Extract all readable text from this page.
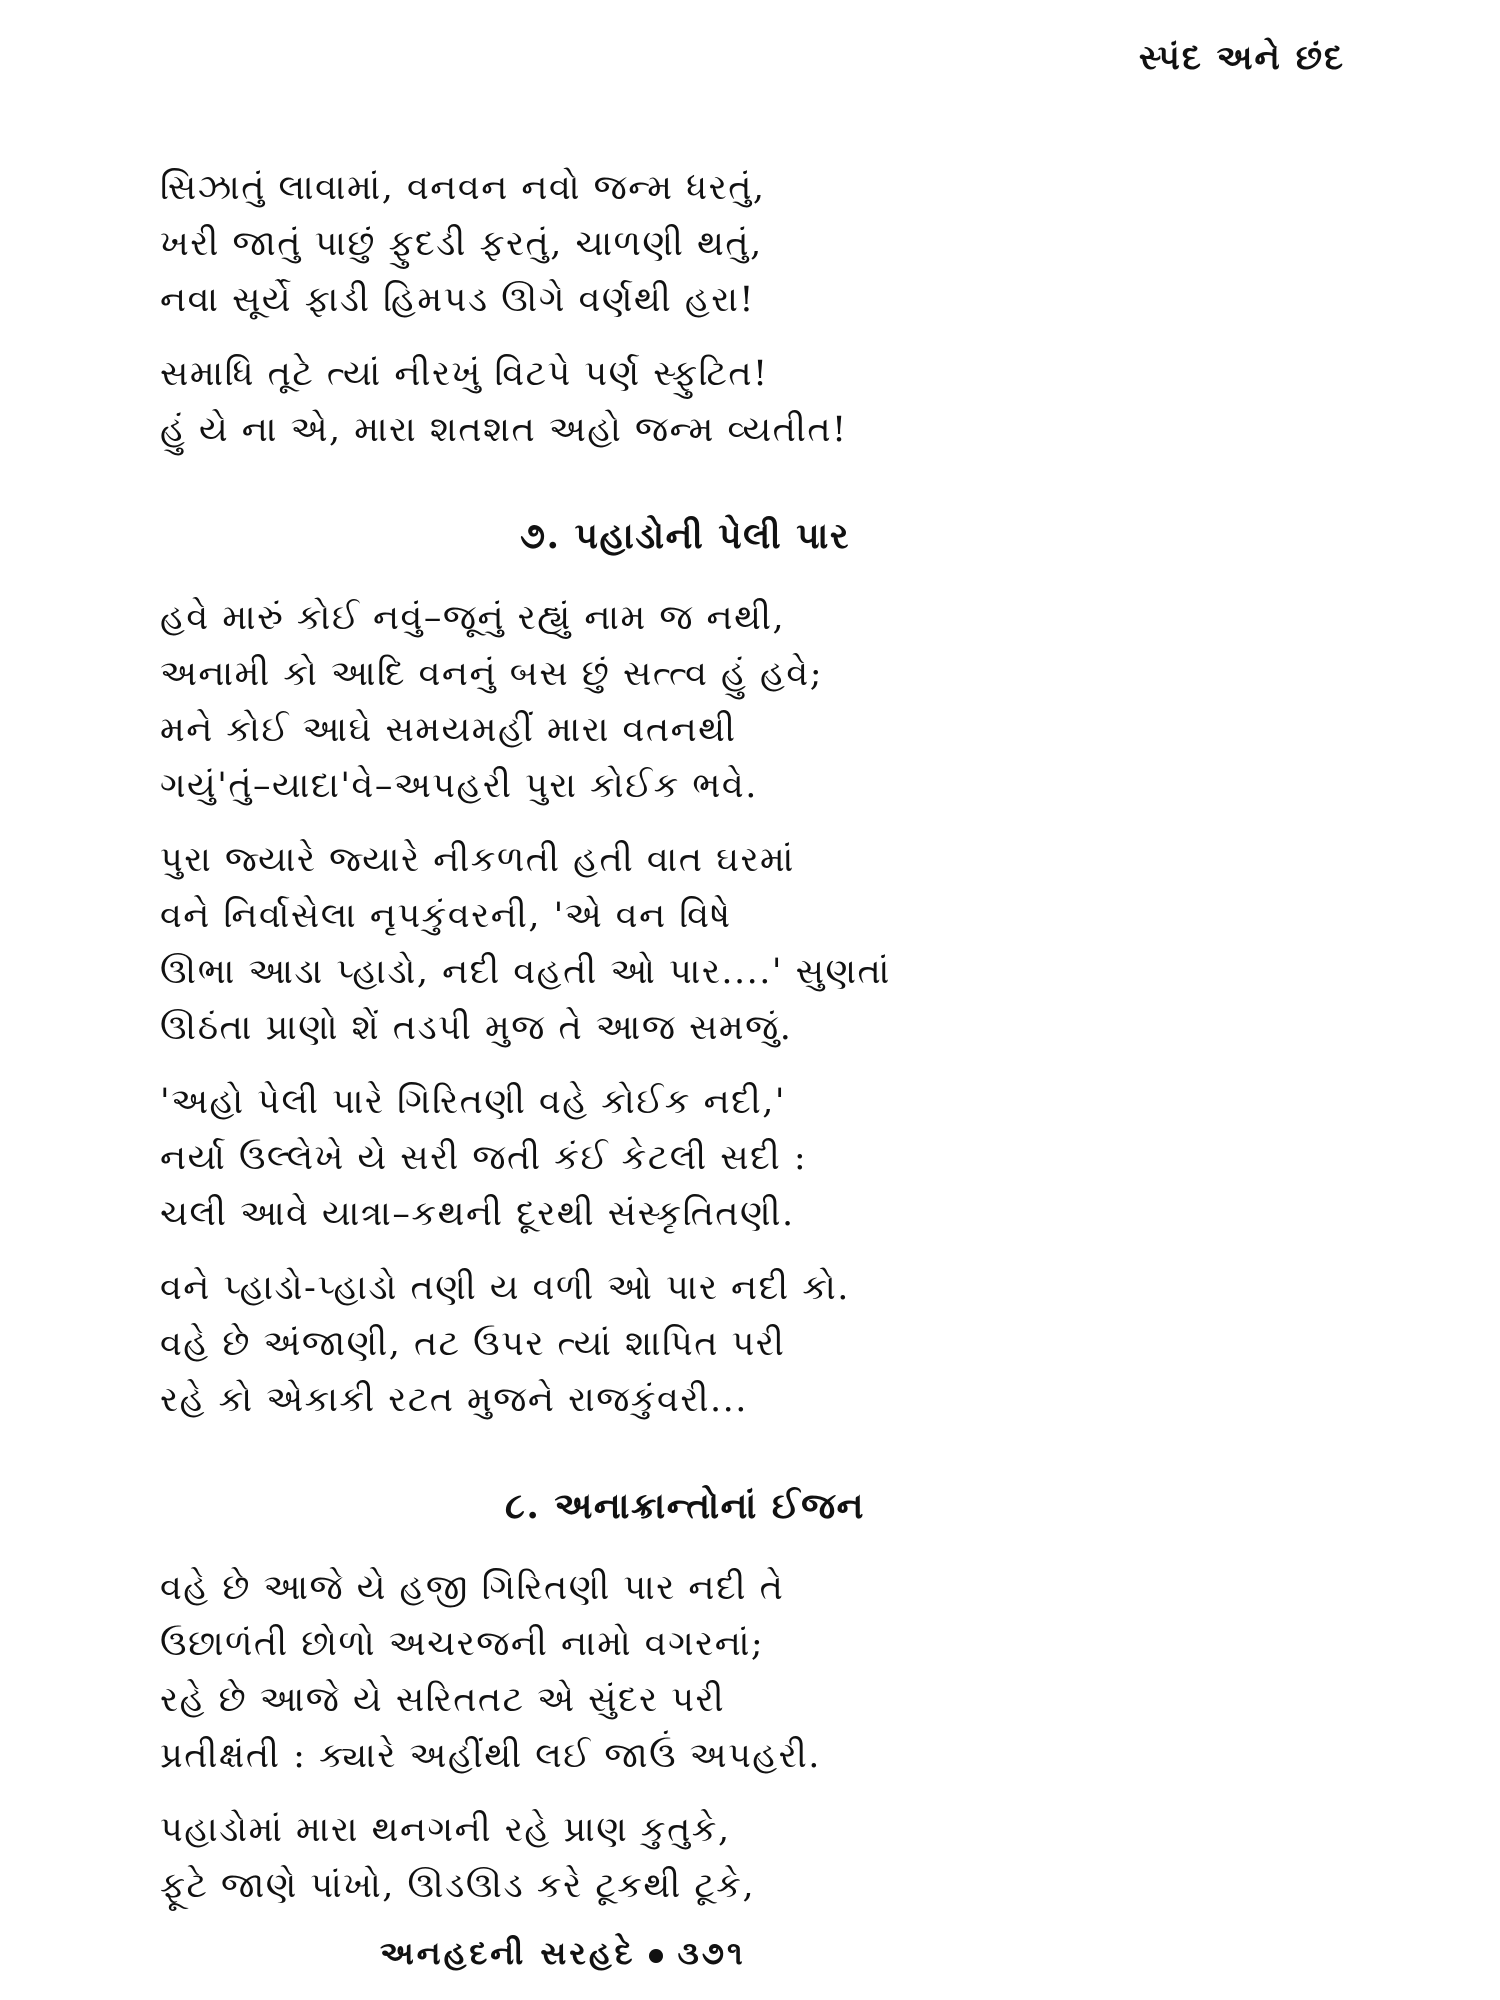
સ્પંદ અને છંદ
સિઝાતું લાવામાં, વનવન નવો જન્મ ધરતું,
ખરી જાતું પાછું ફુદડી ફરતું, ચાળણી થતું,
નવા સૂર્યે ફાડી હિમપડ ઊગે વર્ણથી હરા!
સમાધિ તૂટે ત્યાં નીરખું વિટપે પર્ણ સ્ફુટિત!
હું યે ના એ, મારા શતશત અહો જન્મ વ્યતીત!
૭. પહાડોની પેલી પાર
હવે મારું કોઈ નવું–જૂનું રહ્યું નામ જ નથી,
અનામી કો આદિ વનનું બસ છું સત્ત્વ હું હવે;
મને કોઈ આઘે સમયમહીં મારા વતનથી
ગયું'તું–યાદા'વે–અપહરી પુરા કોઈક ભવે.
પુરા જ્યારે જ્યારે નીકળતી હતી વાત ઘરમાં
વને નિર્વાસેલા નૃપકુંવરની, 'એ વન વિષે
ઊભા આડા પ્હાડો, નદી વહતી ઓ પાર....' સુણતાં
ઊઠંતા પ્રાણો શેં તડપી મુજ તે આજ સમજું.
'અહો પેલી પારે ગિરિતણી વહે કોઈક નદી,'
નર્યા ઉલ્લેખે યે સરી જતી કંઈ કેટલી સદી :
ચલી આવે યાત્રા–કથની દૂરથી સંસ્કૃતિતણી.
વને પ્હાડો-પ્હાડો તણી ય વળી ઓ પાર નદી કો.
વહે છે અંજાણી, તટ ઉપર ત્યાં શાપિત પરી
રહે કો એકાકી રટત મુજને રાજકુંવરી...
૮. અનાક્રાન્તોનાં ઈજન
વહે છે આજે યે હજી ગિરિતણી પાર નદી તે
ઉછાળંતી છોળો અચરજની નામો વગરનાં;
રહે છે આજે યે સરિતતટ એ સુંદર પરી
પ્રતીક્ષંતી : ક્યારે અહીંથી લઈ જાઉં અપહરી.
પહાડોમાં મારા થનગની રહે પ્રાણ કુતુકે,
ફૂટે જાણે પાંખો, ઊડઊડ કરે ટૂકથી ટૂકે,
અનહદની સરહદે ૩૭૧
